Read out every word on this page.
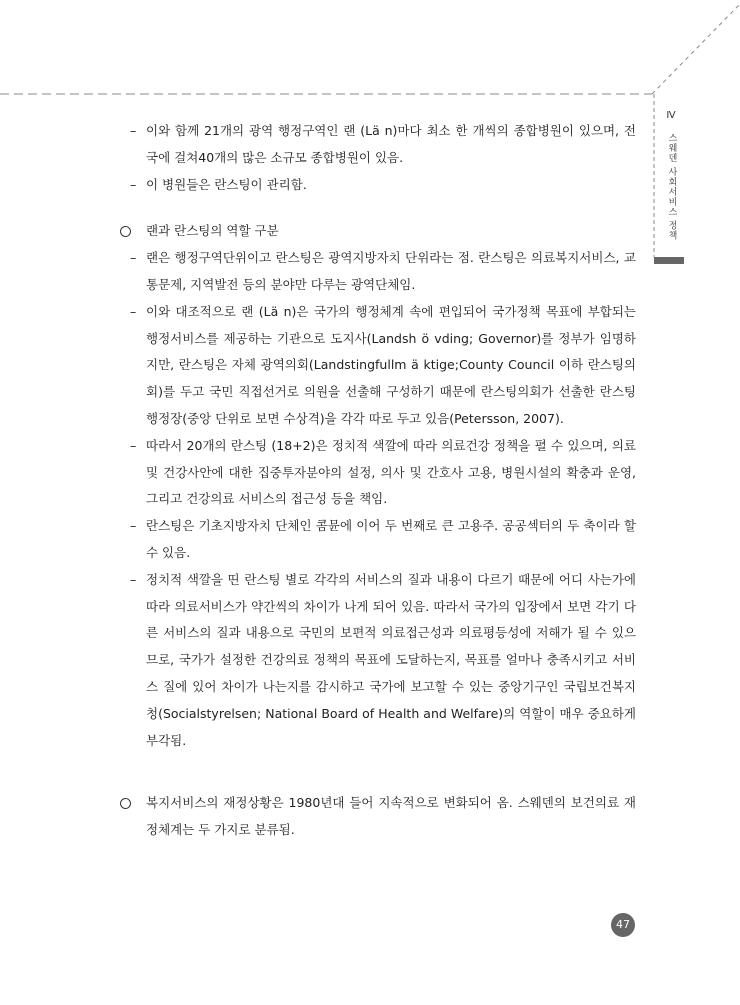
Ⅳ
스웨덴 사회서비스 정책
– 이와 함께 21개의 광역 행정구역인 랜 (Lä n)마다 최소 한 개씩의 종합병원이 있으며, 전국에 걸쳐40개의 많은 소규모 종합병원이 있음.
– 이 병원들은 란스팅이 관리함.
랜과 란스팅의 역할 구분
– 랜은 행정구역단위이고 란스팅은 광역지방자치 단위라는 점. 란스팅은 의료복지서비스, 교통문제, 지역발전 등의 분야만 다루는 광역단체임.
– 이와 대조적으로 랜 (Lä n)은 국가의 행정체계 속에 편입되어 국가정책 목표에 부합되는 행정서비스를 제공하는 기관으로 도지사(Landsh ö vding; Governor)를 정부가 임명하지만, 란스팅은 자체 광역의회(Landstingfullm ä ktige;County Council 이하 란스팅의회)를 두고 국민 직접선거로 의원을 선출해 구성하기 때문에 란스팅의회가 선출한 란스팅 행정장(중앙 단위로 보면 수상격)을 각각 따로 두고 있음(Petersson, 2007).
– 따라서 20개의 란스팅 (18+2)은 정치적 색깔에 따라 의료건강 정책을 펼 수 있으며, 의료 및 건강사안에 대한 집중투자분야의 설정, 의사 및 간호사 고용, 병원시설의 확충과 운영, 그리고 건강의료 서비스의 접근성 등을 책임.
– 란스팅은 기초지방자치 단체인 콤뮨에 이어 두 번째로 큰 고용주. 공공섹터의 두 축이라 할 수 있음.
– 정치적 색깔을 띤 란스팅 별로 각각의 서비스의 질과 내용이 다르기 때문에 어디 사는가에 따라 의료서비스가 약간씩의 차이가 나게 되어 있음. 따라서 국가의 입장에서 보면 각기 다른 서비스의 질과 내용으로 국민의 보편적 의료접근성과 의료평등성에 저해가 될 수 있으므로, 국가가 설정한 건강의료 정책의 목표에 도달하는지, 목표를 얼마나 충족시키고 서비스 질에 있어 차이가 나는지를 감시하고 국가에 보고할 수 있는 중앙기구인 국립보건복지청(Socialstyrelsen; National Board of Health and Welfare)의 역할이 매우 중요하게 부각됨.
복지서비스의 재정상황은 1980년대 들어 지속적으로 변화되어 옴. 스웨덴의 보건의료 재정체계는 두 가지로 분류됨.
47
